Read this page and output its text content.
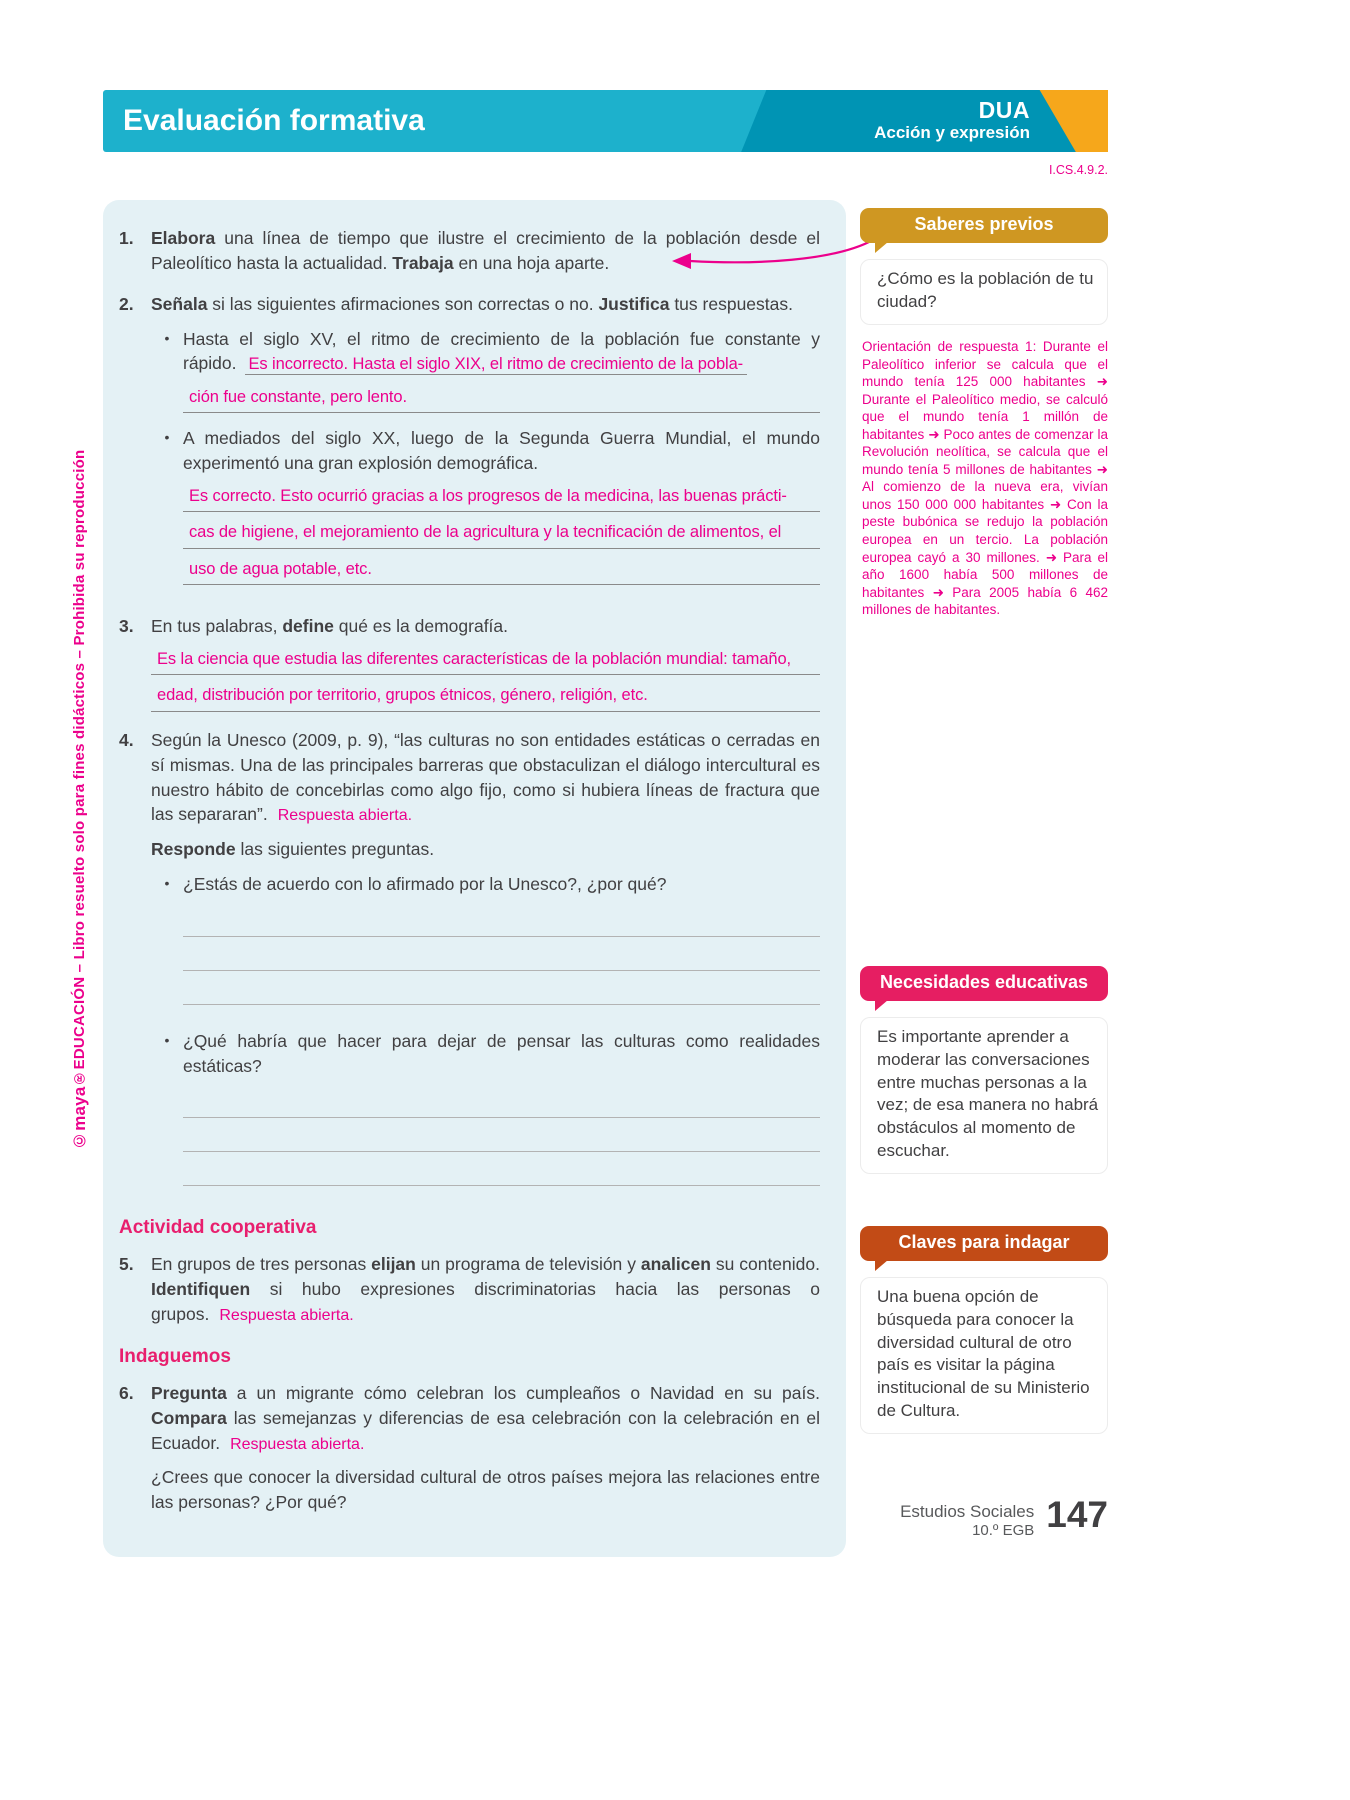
Evaluación formativa	DUA
Acción y expresión
I.CS.4.9.2.
©maya®EDUCACIÓN – Libro resuelto solo para fines didácticos – Prohibida su reproducción
1. Elabora una línea de tiempo que ilustre el crecimiento de la población desde el Paleolítico hasta la actualidad. Trabaja en una hoja aparte.

2. Señala si las siguientes afirmaciones son correctas o no. Justifica tus respuestas.

•

Hasta el siglo XV, el ritmo de crecimiento de la población fue constante y rápido. Es incorrecto. Hasta el siglo XIX, el ritmo de crecimiento de la pobla-

ción fue constante, pero lento.
•

A mediados del siglo XX, luego de la Segunda Guerra Mundial, el mundo experimentó una gran explosión demográfica.

Es correcto. Esto ocurrió gracias a los progresos de la medicina, las buenas prácti-
cas de higiene, el mejoramiento de la agricultura y la tecnificación de alimentos, el
uso de agua potable, etc.
3. En tus palabras, define qué es la demografía.

Es la ciencia que estudia las diferentes características de la población mundial: tamaño,
edad, distribución por territorio, grupos étnicos, género, religión, etc.
4. Según la Unesco (2009, p. 9), “las culturas no son entidades estáticas o cerradas en sí mismas. Una de las principales barreras que obstaculizan el diálogo intercultural es nuestro hábito de concebirlas como algo fijo, como si hubiera líneas de fractura que las separaran”. Respuesta abierta.

Responde las siguientes preguntas.

•

¿Estás de acuerdo con lo afirmado por la Unesco?, ¿por qué?

•

¿Qué habría que hacer para dejar de pensar las culturas como realidades estáticas?

Actividad cooperativa
5. En grupos de tres personas elijan un programa de televisión y analicen su contenido. Identifiquen si hubo expresiones discriminatorias hacia las personas o grupos. Respuesta abierta.

Indaguemos
6. Pregunta a un migrante cómo celebran los cumpleaños o Navidad en su país. Compara las semejanzas y diferencias de esa celebración con la celebración en el Ecuador. Respuesta abierta.

¿Crees que conocer la diversidad cultural de otros países mejora las relaciones entre las personas? ¿Por qué?

Saberes previos
¿Cómo es la población de tu ciudad?
Orientación de respuesta 1: Durante el Paleolítico inferior se calcula que el mundo tenía 125 000 habitantes ➜ Durante el Paleolítico medio, se calculó que el mundo tenía 1 millón de habitantes ➜ Poco antes de comenzar la Revolución neolítica, se calcula que el mundo tenía 5 millones de habitantes ➜ Al comienzo de la nueva era, vivían unos 150 000 000 habitantes ➜ Con la peste bubónica se redujo la población europea en un tercio. La población europea cayó a 30 millones. ➜ Para el año 1600 había 500 millones de habitantes ➜ Para 2005 había 6 462 millones de habitantes.
Necesidades educativas
Es importante aprender a moderar las conversaciones entre muchas personas a la vez; de esa manera no habrá obstáculos al momento de escuchar.
Claves para indagar
Una buena opción de búsqueda para conocer la diversidad cultural de otro país es visitar la página institucional de su Ministerio de Cultura.
Estudios Sociales
10.º EGB 147
